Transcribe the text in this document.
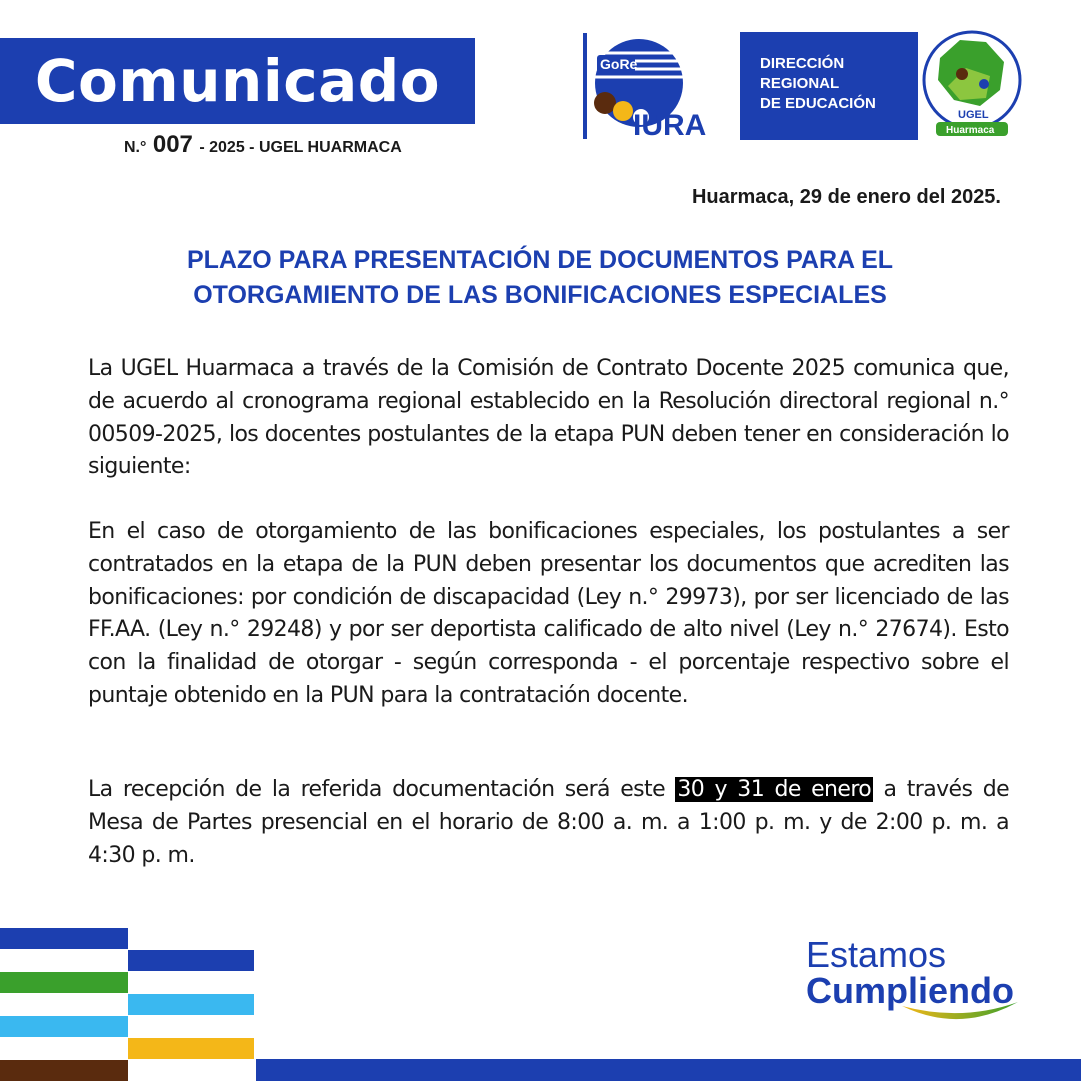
Comunicado
N.° 007 - 2025 - UGEL HUARMACA
GoRe
IURA
DIRECCIÓN
REGIONAL
DE EDUCACIÓN
UGEL
Huarmaca
Huarmaca, 29 de enero del 2025.
PLAZO PARA PRESENTACIÓN DE DOCUMENTOS PARA EL
OTORGAMIENTO DE LAS BONIFICACIONES ESPECIALES
La UGEL Huarmaca a través de la Comisión de Contrato Docente 2025 comunica que, de acuerdo al cronograma regional establecido en la Resolución directoral regional n.° 00509-2025, los docentes postulantes de la etapa PUN deben tener en consideración lo siguiente:
En el caso de otorgamiento de las bonificaciones especiales, los postulantes a ser contratados en la etapa de la PUN deben presentar los documentos que acrediten las bonificaciones: por condición de discapacidad (Ley n.° 29973), por ser licenciado de las FF.AA. (Ley n.° 29248) y por ser deportista calificado de alto nivel (Ley n.° 27674). Esto con la finalidad de otorgar - según corresponda - el porcentaje respectivo sobre el puntaje obtenido en la PUN para la contratación docente.
La recepción de la referida documentación será este 30 y 31 de enero a través de Mesa de Partes presencial en el horario de 8:00 a. m. a 1:00 p. m. y de 2:00 p. m. a 4:30 p. m.
Estamos
Cumpliendo
